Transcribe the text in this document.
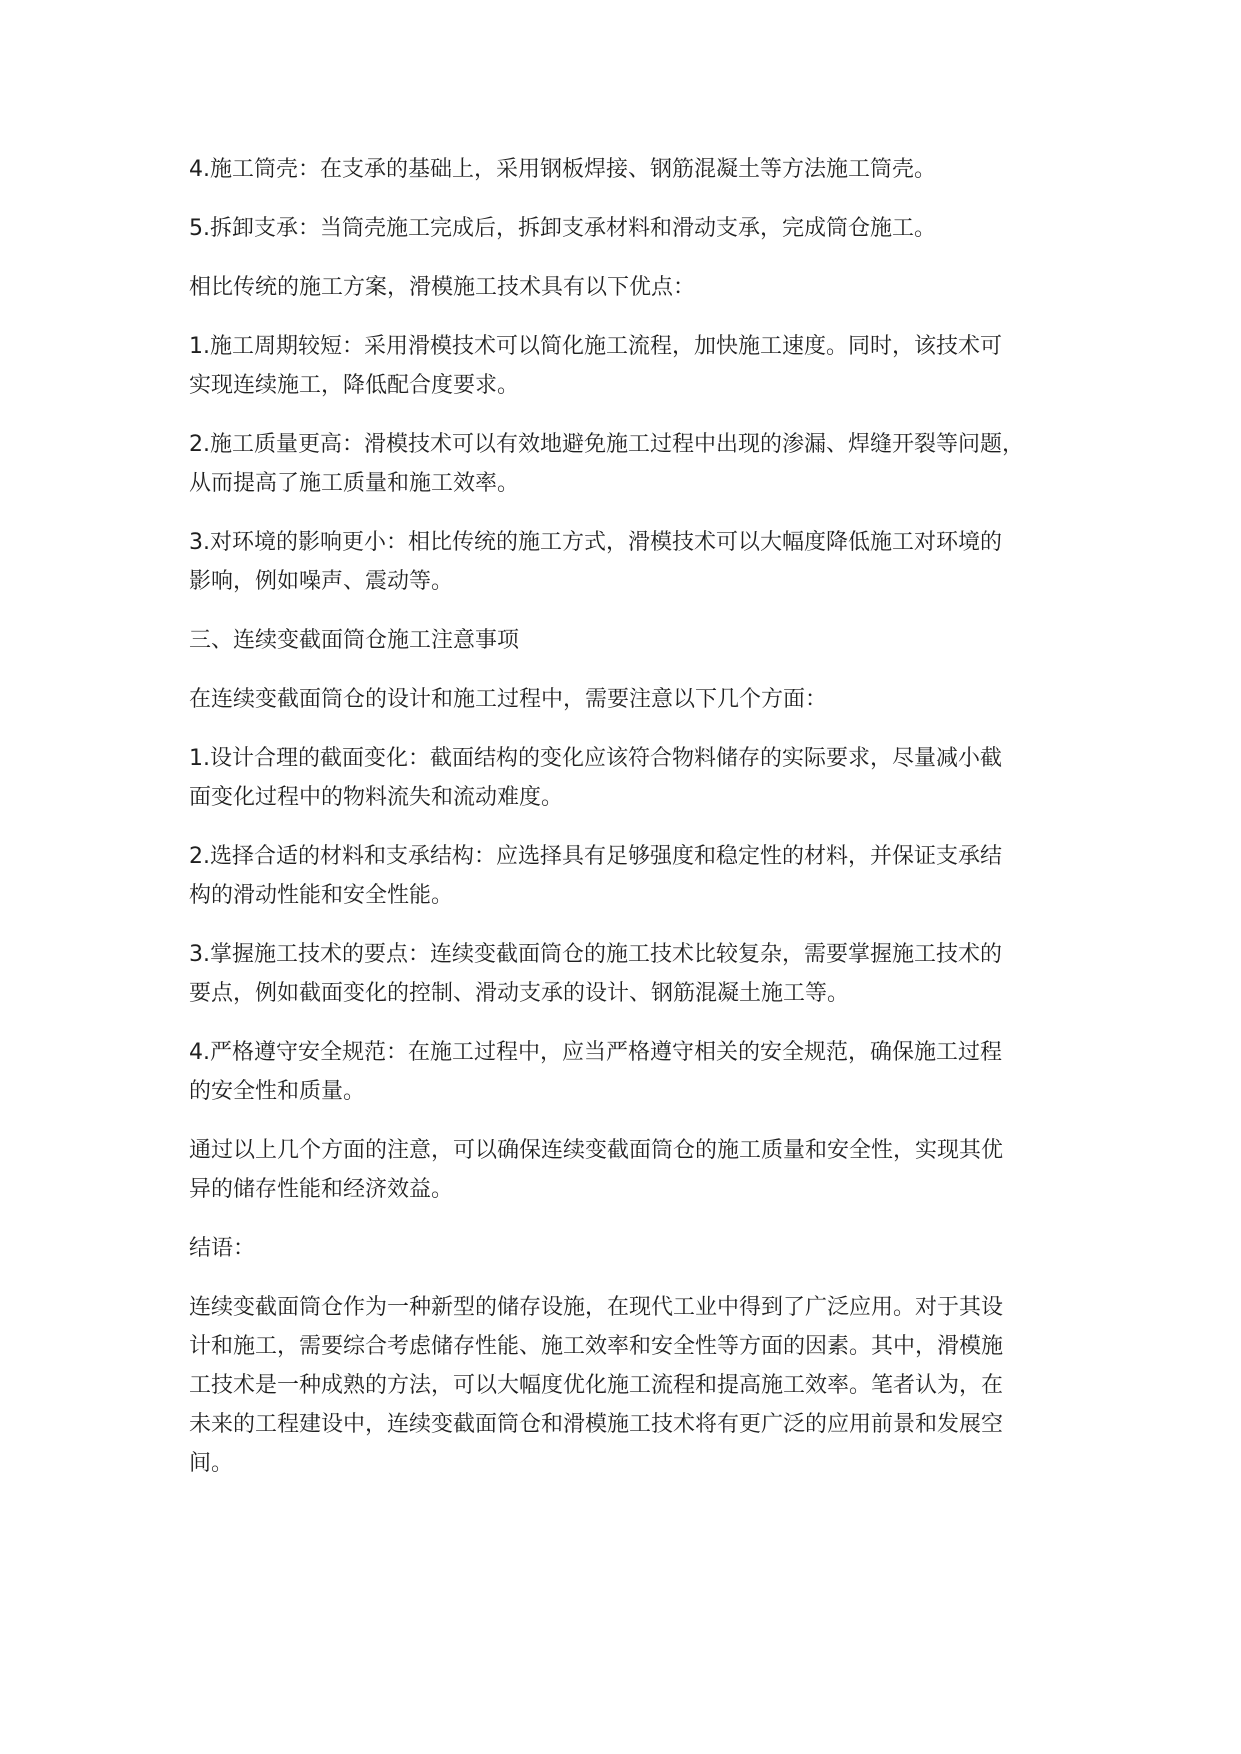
4.施工筒壳：在支承的基础上，采用钢板焊接、钢筋混凝土等方法施工筒壳。

5.拆卸支承：当筒壳施工完成后，拆卸支承材料和滑动支承，完成筒仓施工。

相比传统的施工方案，滑模施工技术具有以下优点：

1.施工周期较短：采用滑模技术可以简化施工流程，加快施工速度。同时，该技术可
实现连续施工，降低配合度要求。

2.施工质量更高：滑模技术可以有效地避免施工过程中出现的渗漏、焊缝开裂等问题，
从而提高了施工质量和施工效率。

3.对环境的影响更小：相比传统的施工方式，滑模技术可以大幅度降低施工对环境的
影响，例如噪声、震动等。

三、连续变截面筒仓施工注意事项

在连续变截面筒仓的设计和施工过程中，需要注意以下几个方面：

1.设计合理的截面变化：截面结构的变化应该符合物料储存的实际要求，尽量减小截
面变化过程中的物料流失和流动难度。

2.选择合适的材料和支承结构：应选择具有足够强度和稳定性的材料，并保证支承结
构的滑动性能和安全性能。

3.掌握施工技术的要点：连续变截面筒仓的施工技术比较复杂，需要掌握施工技术的
要点，例如截面变化的控制、滑动支承的设计、钢筋混凝土施工等。

4.严格遵守安全规范：在施工过程中，应当严格遵守相关的安全规范，确保施工过程
的安全性和质量。

通过以上几个方面的注意，可以确保连续变截面筒仓的施工质量和安全性，实现其优
异的储存性能和经济效益。

结语：

连续变截面筒仓作为一种新型的储存设施，在现代工业中得到了广泛应用。对于其设
计和施工，需要综合考虑储存性能、施工效率和安全性等方面的因素。其中，滑模施
工技术是一种成熟的方法，可以大幅度优化施工流程和提高施工效率。笔者认为，在
未来的工程建设中，连续变截面筒仓和滑模施工技术将有更广泛的应用前景和发展空
间。
